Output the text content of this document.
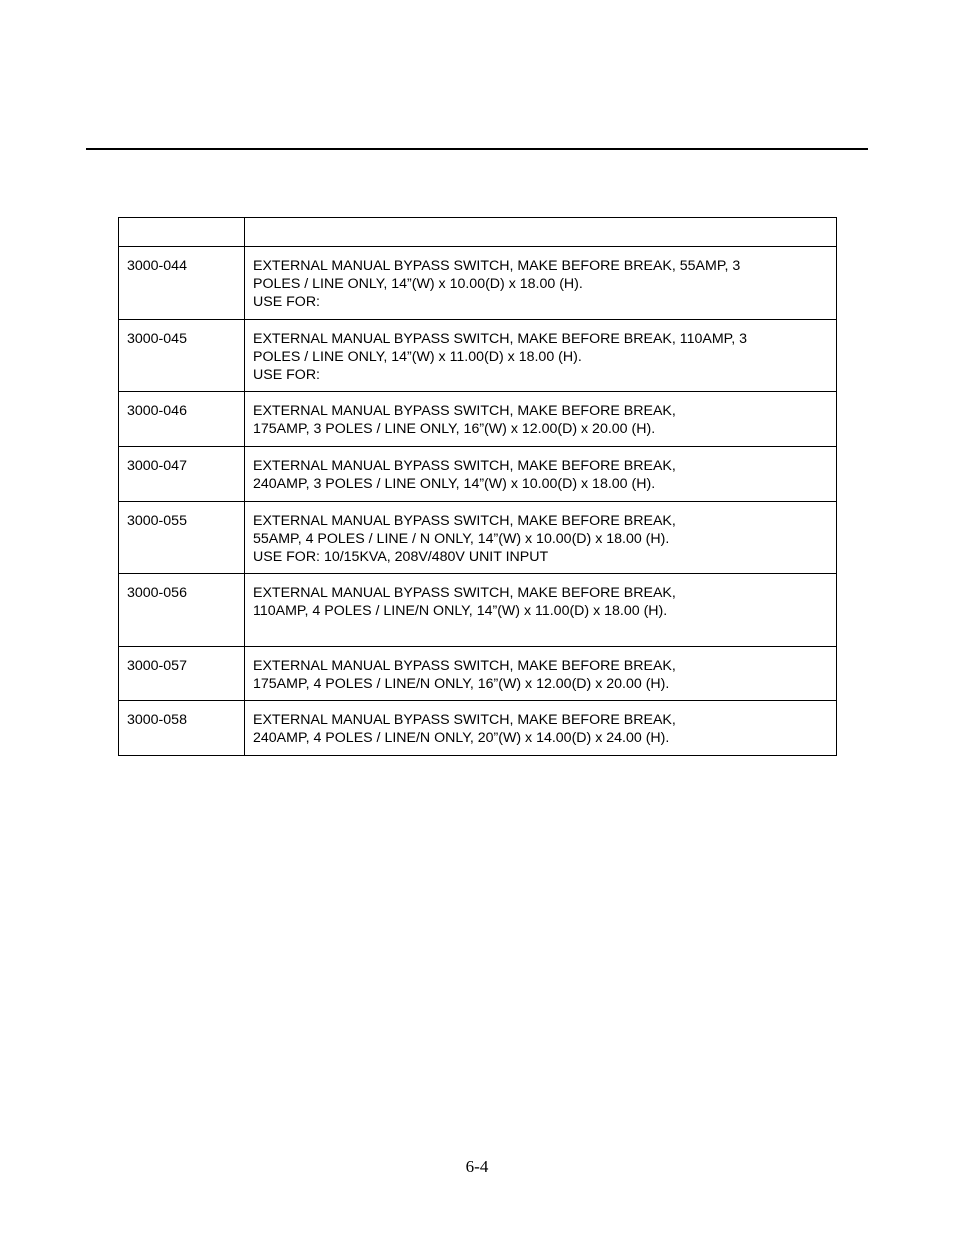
3000-044	EXTERNAL MANUAL BYPASS SWITCH, MAKE BEFORE BREAK, 55AMP, 3
POLES / LINE ONLY, 14”(W) x 10.00(D) x 18.00 (H).
USE FOR:

3000-045	EXTERNAL MANUAL BYPASS SWITCH, MAKE BEFORE BREAK, 110AMP, 3
POLES / LINE ONLY, 14”(W) x 11.00(D) x 18.00 (H).
USE FOR:

3000-046	EXTERNAL MANUAL BYPASS SWITCH, MAKE BEFORE BREAK,
175AMP, 3 POLES / LINE ONLY, 16”(W) x 12.00(D) x 20.00 (H).

3000-047	EXTERNAL MANUAL BYPASS SWITCH, MAKE BEFORE BREAK,
240AMP, 3 POLES / LINE ONLY, 14”(W) x 10.00(D) x 18.00 (H).

3000-055	EXTERNAL MANUAL BYPASS SWITCH, MAKE BEFORE BREAK,
55AMP, 4 POLES / LINE / N ONLY, 14”(W) x 10.00(D) x 18.00 (H).
USE FOR: 10/15KVA, 208V/480V UNIT INPUT

3000-056	EXTERNAL MANUAL BYPASS SWITCH, MAKE BEFORE BREAK,
110AMP, 4 POLES / LINE/N ONLY, 14”(W) x 11.00(D) x 18.00 (H).

3000-057	EXTERNAL MANUAL BYPASS SWITCH, MAKE BEFORE BREAK,
175AMP, 4 POLES / LINE/N ONLY, 16”(W) x 12.00(D) x 20.00 (H).

3000-058	EXTERNAL MANUAL BYPASS SWITCH, MAKE BEFORE BREAK,
240AMP, 4 POLES / LINE/N ONLY, 20”(W) x 14.00(D) x 24.00 (H).
6-4
